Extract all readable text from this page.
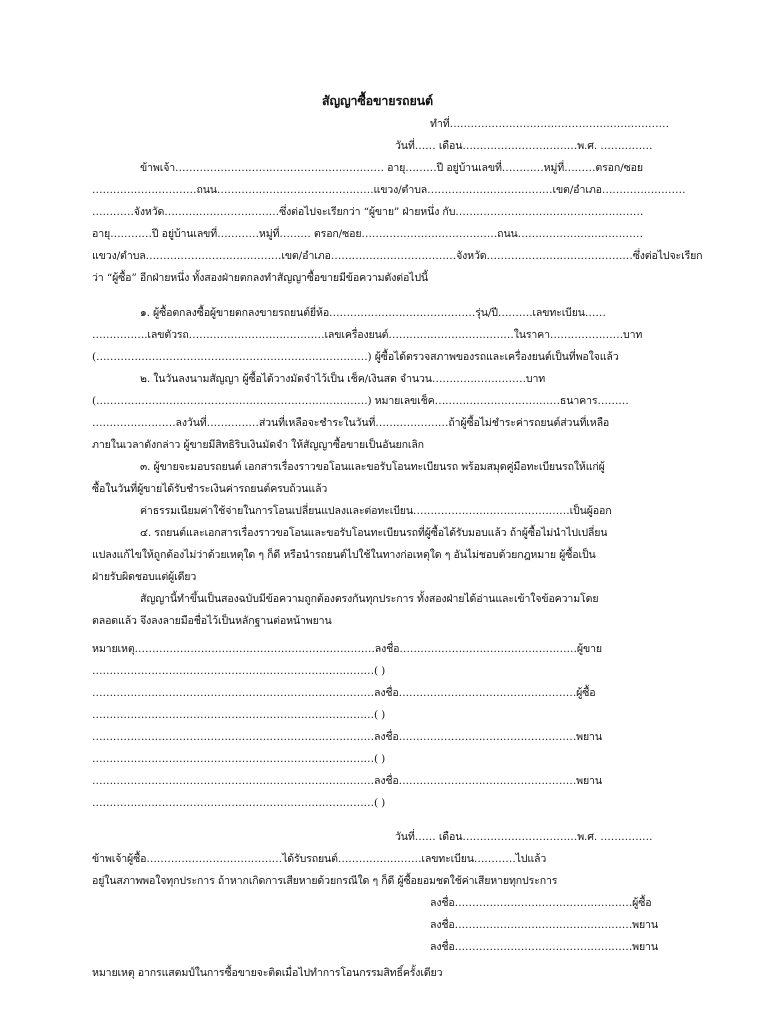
สัญญาซื้อขายรถยนต์
ทำที่………………………………………………………
วันที่…… เดือน……………………………พ.ศ. ……………
ข้าพเจ้า…………………………………………………… อายุ………ปี อยู่บ้านเลขที่…………หมู่ที่………ตรอก/ซอย
…………………………ถนน………………………………………แขวง/ตำบล………………………………เขต/อำเภอ……………………
…………จังหวัด……………………………ซึ่งต่อไปจะเรียกว่า “ผู้ขาย” ฝ่ายหนึ่ง กับ………………………………………………
อายุ…………ปี อยู่บ้านเลขที่…………หมู่ที่……… ตรอก/ซอย…………………………………ถนน………………………………
แขวง/ตำบล…………………………………เขต/อำเภอ………………………………จังหวัด……………………………………ซึ่งต่อไปจะเรียก
ว่า “ผู้ซื้อ” อีกฝ่ายหนึ่ง ทั้งสองฝ่ายตกลงทำสัญญาซื้อขายมีข้อความดังต่อไปนี้
๑. ผู้ซื้อตกลงซื้อผู้ขายตกลงขายรถยนต์ยี่ห้อ……………………………………รุ่น/ปี……….เลขทะเบียน……
…………….เลขตัวรถ…………………………………เลขเครื่องยนต์………………………………ในราคา…………………บาท
(……………………………………………………………………) ผู้ซื้อได้ตรวจสภาพของรถและเครื่องยนต์เป็นที่พอใจแล้ว
๒. ในวันลงนามสัญญา ผู้ซื้อได้วางมัดจำไว้เป็น เช็ค/เงินสด จำนวน………………………บาท
(……………………………………………………………………) หมายเลขเช็ค………………………………ธนาคาร………
……………………ลงวันที่……………ส่วนที่เหลือจะชำระในวันที่…………………ถ้าผู้ซื้อไม่ชำระค่ารถยนต์ส่วนที่เหลือ
ภายในเวลาดังกล่าว ผู้ขายมีสิทธิริบเงินมัดจำ ให้สัญญาซื้อขายเป็นอันยกเลิก
๓. ผู้ขายจะมอบรถยนต์ เอกสารเรื่องราวขอโอนและขอรับโอนทะเบียนรถ พร้อมสมุดคู่มือทะเบียนรถให้แก่ผู้
ซื้อในวันที่ผู้ขายได้รับชำระเงินค่ารถยนต์ครบถ้วนแล้ว
ค่าธรรมเนียมค่าใช้จ่ายในการโอนเปลี่ยนแปลงและต่อทะเบียน………………………………………เป็นผู้ออก
๔. รถยนต์และเอกสารเรื่องราวขอโอนและขอรับโอนทะเบียนรถที่ผู้ซื้อได้รับมอบแล้ว ถ้าผู้ซื้อไม่นำไปเปลี่ยน
แปลงแก้ไขให้ถูกต้องไม่ว่าด้วยเหตุใด ๆ ก็ดี หรือนำรถยนต์ไปใช้ในทางก่อเหตุใด ๆ อันไม่ชอบด้วยกฎหมาย ผู้ซื้อเป็น
ฝ่ายรับผิดชอบแต่ผู้เดียว
สัญญานี้ทำขึ้นเป็นสองฉบับมีข้อความถูกต้องตรงกันทุกประการ ทั้งสองฝ่ายได้อ่านและเข้าใจข้อความโดย
ตลอดแล้ว จึงลงลายมือชื่อไว้เป็นหลักฐานต่อหน้าพยาน
หมายเหตุ……………………………………………………………ลงชื่อ……………………………………………ผู้ขาย
………………………………………………………………………( )
………………………………………………………………………ลงชื่อ……………………………………………ผู้ซื้อ
………………………………………………………………………( )
………………………………………………………………………ลงชื่อ……………………………………………พยาน
………………………………………………………………………( )
………………………………………………………………………ลงชื่อ……………………………………………พยาน
………………………………………………………………………( )
วันที่…… เดือน……………………………พ.ศ. ……………
ข้าพเจ้าผู้ซื้อ…………………………………ได้รับรถยนต์……………………เลขทะเบียน…………ไปแล้ว
อยู่ในสภาพพอใจทุกประการ ถ้าหากเกิดการเสียหายด้วยกรณีใด ๆ ก็ดี ผู้ซื้อยอมชดใช้ค่าเสียหายทุกประการ
ลงชื่อ……………………………………………ผู้ซื้อ
ลงชื่อ……………………………………………พยาน
ลงชื่อ……………………………………………พยาน
หมายเหตุ อากรแสตมป์ในการซื้อขายจะติดเมื่อไปทำการโอนกรรมสิทธิ์ครั้งเดียว
